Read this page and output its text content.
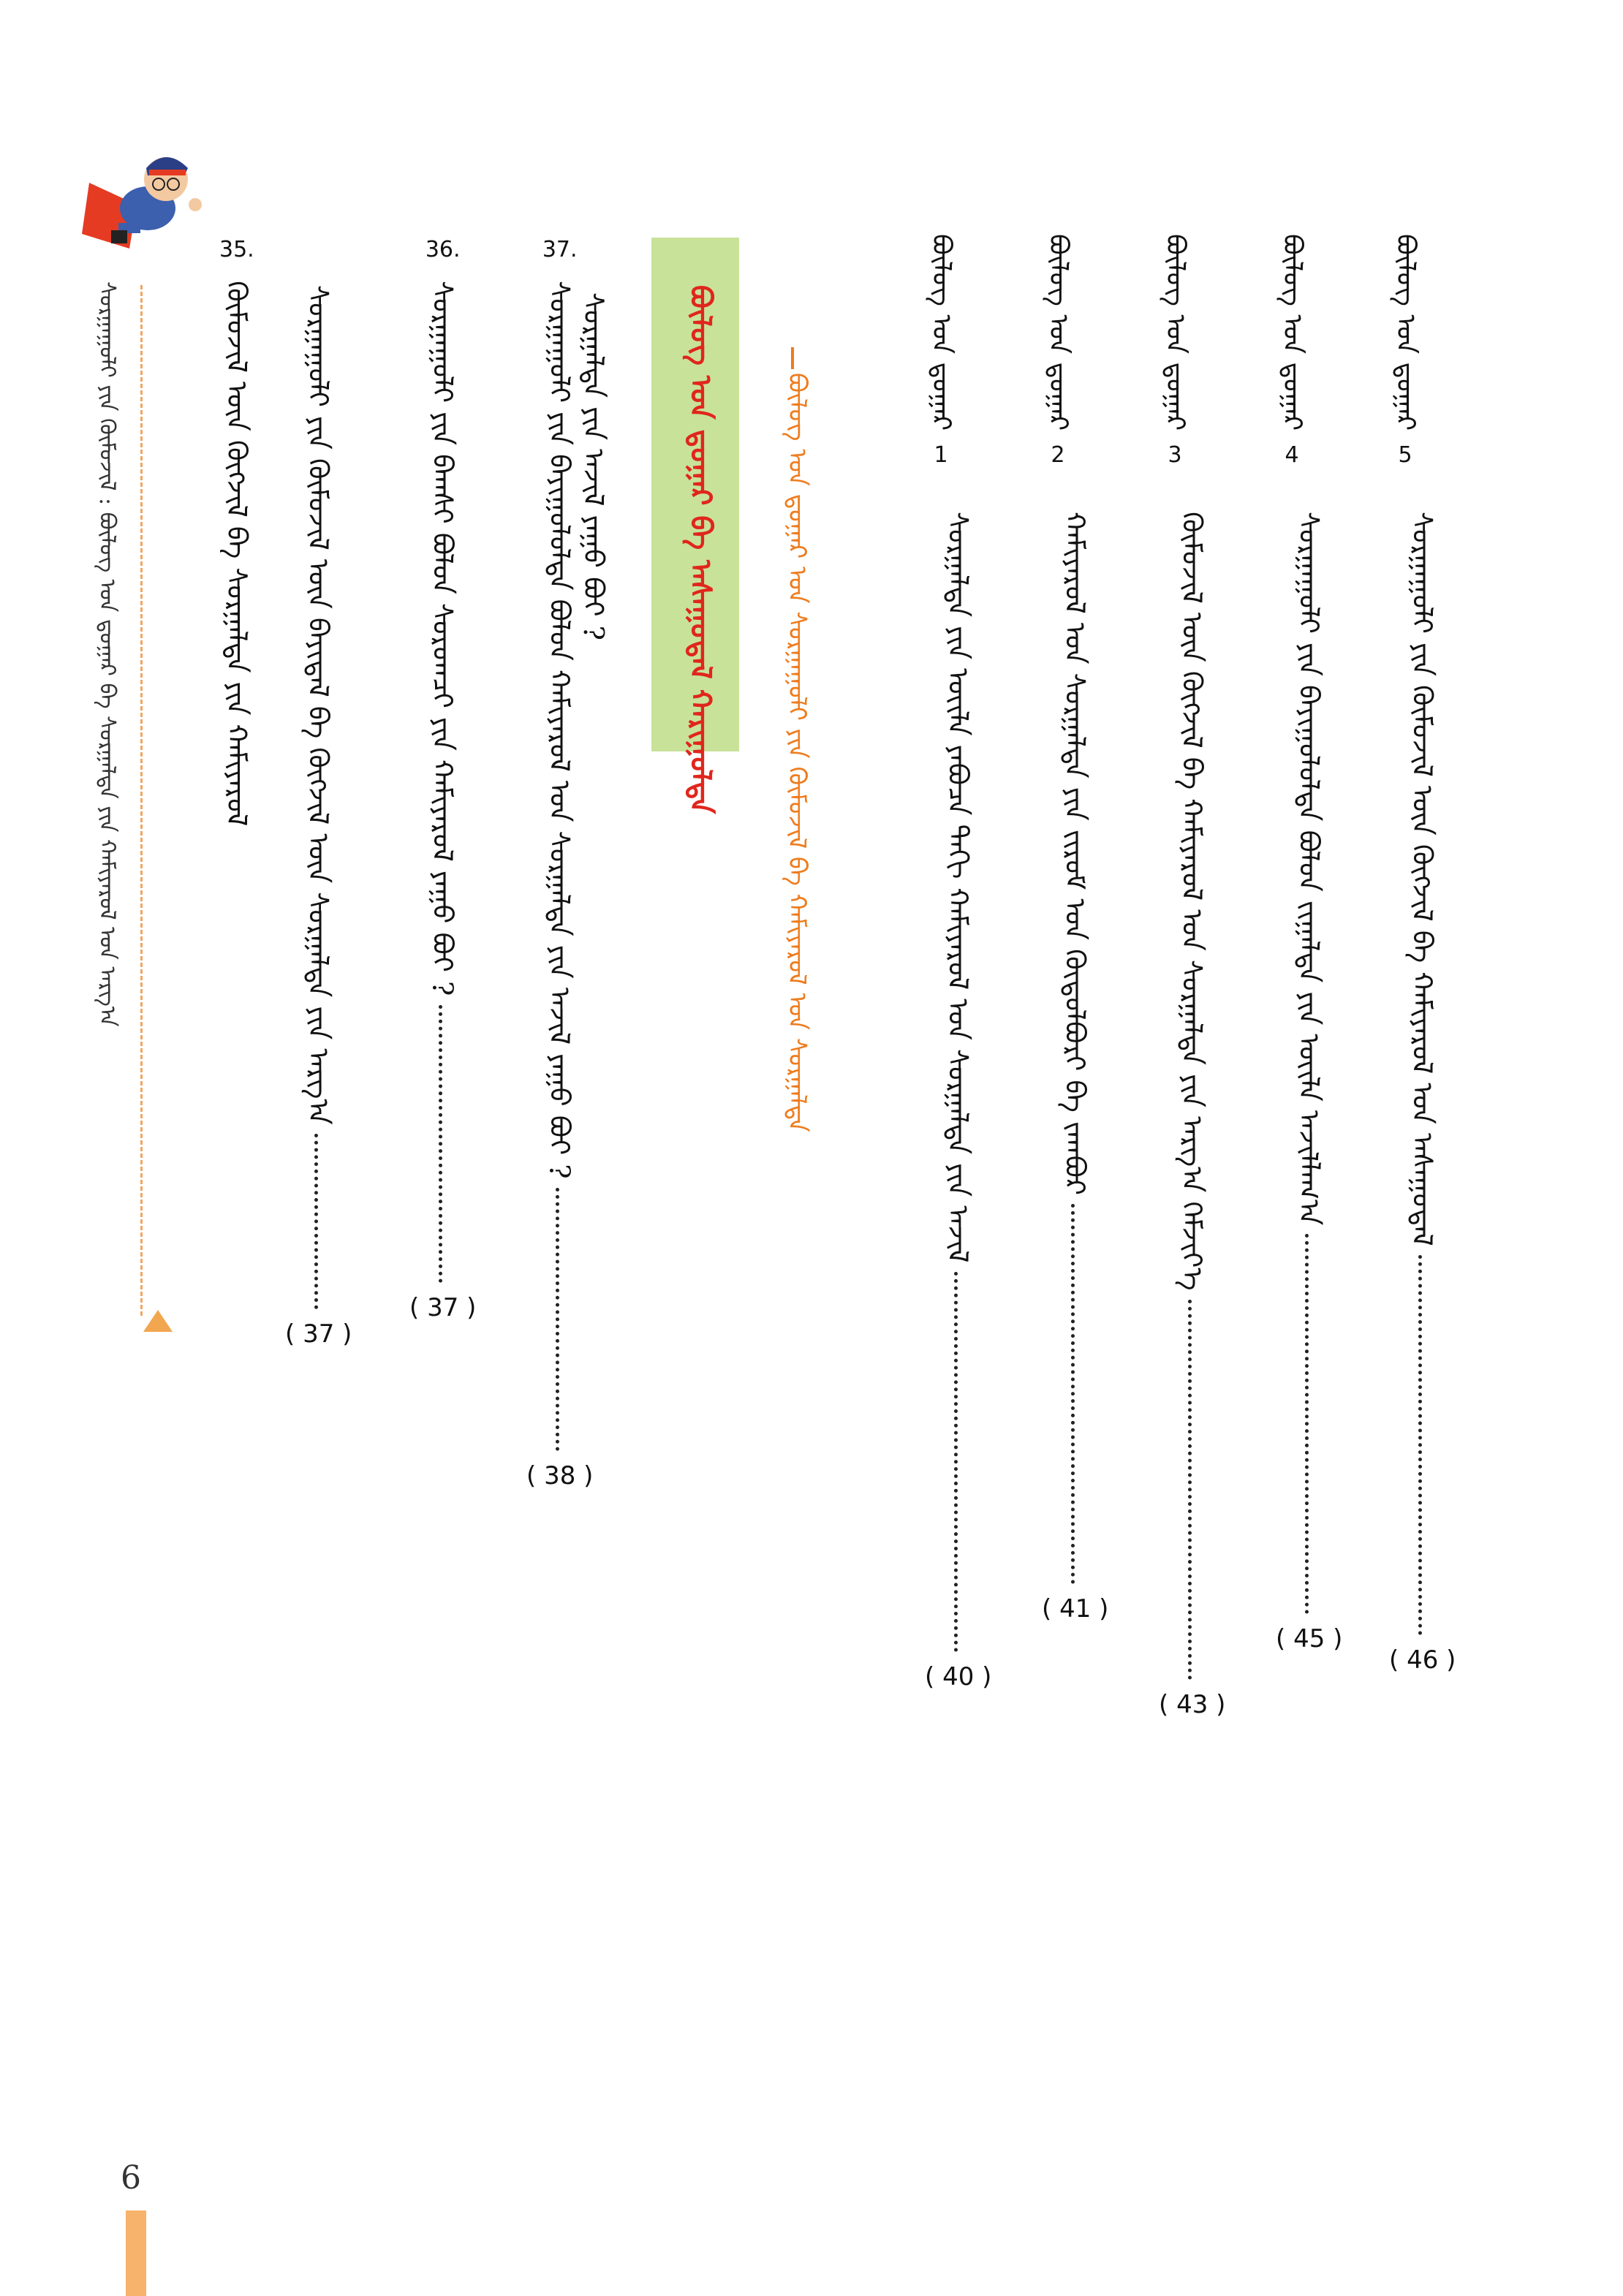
ᠪᠦᠯᠦᠭ ᠤᠨ ᠳ᠋ᠤᠭᠠᠷ 5
ᠰᠤᠷᠭᠠᠭᠤᠯᠢ ᠶᠢᠨ ᠬᠦᠮᠦᠵᠢᠯ ᠦᠨ ᠬᠥᠭᠵᠢᠯ ᠪᠠ ᠬᠠᠮᠢᠶᠠᠷᠤᠯ ᠤᠨ ᠠᠰᠠᠭᠤᠳᠠᠯ  ( 46 )
ᠪᠦᠯᠦᠭ ᠤᠨ ᠳ᠋ᠤᠭᠠᠷ 4
ᠰᠤᠷᠭᠠᠭᠤᠯᠢ ᠶᠢᠨ ᠪᠠᠶᠢᠭᠤᠯᠤᠯᠲᠠ ᠪᠤᠯᠤᠨ ᠵᠢᠭᠠᠯᠲᠠ ᠶᠢᠨ ᠦᠢᠯᠡ ᠠᠵᠢᠯᠯᠠᠭ᠎ᠠ  ( 45 )
ᠪᠦᠯᠦᠭ ᠤᠨ ᠳ᠋ᠤᠭᠠᠷ 3
ᠬᠦᠮᠦᠵᠢᠯ ᠦᠨ ᠬᠥᠭᠵᠢᠯ ᠪᠠ ᠬᠠᠮᠢᠶᠠᠷᠤᠯ ᠤᠨ ᠰᠤᠷᠭᠠᠯᠲᠠ ᠶᠢᠨ ᠠᠷᠭ᠎ᠠ ᠬᠡᠮᠵᠢᠶ᠎ᠡ  ( 43 )
ᠪᠦᠯᠦᠭ ᠤᠨ ᠳ᠋ᠤᠭᠠᠷ 2
ᠬᠠᠮᠢᠶᠠᠷᠤᠯ ᠤᠨ ᠰᠤᠷᠭᠠᠯᠲᠠ ᠶᠢᠨ ᠵᠢᠷᠤᠮ ᠤᠨ ᠬᠥᠲᠦᠯᠪᠦᠷᠢ ᠪᠠ ᠵᠠᠭᠪᠤᠷ  ( 41 )
ᠪᠦᠯᠦᠭ ᠤᠨ ᠳ᠋ᠤᠭᠠᠷ 1
ᠰᠤᠷᠭᠠᠯᠲᠠ ᠶᠢᠨ ᠦᠢᠯᠡ ᠶᠠᠪᠤᠴᠠ ᠳᠠᠬᠢ ᠬᠠᠮᠢᠶᠠᠷᠤᠯ ᠤᠨ ᠰᠤᠷᠭᠠᠯᠲᠠ ᠶᠢᠨ ᠠᠵᠢᠯ  ( 40 )
ᠪᠦᠯᠦᠭ ᠤᠨ ᠳ᠋ᠤᠭᠠᠷ ᠤᠨ ᠰᠤᠷᠭᠠᠭᠤᠯᠢ ᠶᠢᠨ ᠬᠦᠮᠦᠵᠢᠯ ᠪᠠ ᠬᠠᠮᠢᠶᠠᠷᠤᠯ ᠤᠨ ᠰᠤᠷᠭᠠᠯᠲᠠ
ᠪᠦᠯᠦᠭ ᠤᠨ ᠳ᠋ᠤᠭᠠᠷ ᠪᠠ ᠠᠰᠠᠭᠤᠳᠠᠯ ᠬᠠᠷᠢᠭᠤᠯᠲᠠ
37. ᠰᠤᠷᠭᠠᠭᠤᠯᠢ ᠶᠢᠨ ᠪᠠᠶᠢᠭᠤᠯᠤᠯᠲᠠ ᠪᠤᠯᠤᠨ ᠬᠠᠮᠢᠶᠠᠷᠤᠯ ᠤᠨ ᠰᠤᠷᠭᠠᠯᠲᠠ ᠶᠢᠨ ᠠᠵᠢᠯ ᠶᠠᠭᠤ ᠪᠤᠢ ?  ( 38 )
ᠰᠤᠷᠭᠠᠯᠲᠠ ᠶᠢᠨ ᠠᠵᠢᠯ ᠶᠠᠭᠤ ᠪᠤᠢ ?
36. ᠰᠤᠷᠭᠠᠭᠤᠯᠢ ᠶᠢᠨ ᠪᠠᠭᠰᠢ ᠪᠤᠯᠤᠨ ᠰᠤᠷᠤᠭᠴᠢ ᠶᠢᠨ ᠬᠠᠮᠢᠶᠠᠷᠤᠯ ᠶᠠᠭᠤ ᠪᠤᠢ ?  ( 37 )
35. ᠬᠦᠮᠦᠵᠢᠯ ᠦᠨ ᠬᠥᠭᠵᠢᠯ ᠪᠠ ᠰᠤᠷᠭᠠᠯᠲᠠ ᠶᠢᠨ ᠬᠠᠮᠢᠶᠠᠷᠤᠯ	ᠰᠤᠷᠭᠠᠭᠤᠯᠢ ᠶᠢᠨ ᠬᠦᠮᠦᠵᠢᠯ ᠦᠨ ᠪᠠᠶᠢᠳᠠᠯ ᠪᠠ ᠬᠥᠭᠵᠢᠯ ᠦᠨ ᠰᠤᠷᠭᠠᠯᠲᠠ ᠶᠢᠨ ᠠᠷᠭ᠎ᠠ  ( 37 )
ᠰᠤᠷᠭᠠᠭᠤᠯᠢ ᠶᠢᠨ ᠬᠦᠮᠦᠵᠢᠯ : ᠪᠦᠯᠦᠭ ᠤᠨ ᠳ᠋ᠤᠭᠠᠷ ᠪᠠ ᠰᠤᠷᠭᠠᠯᠲᠠ ᠶᠢᠨ ᠬᠠᠮᠢᠶᠠᠷᠤᠯ ᠤᠨ ᠠᠷᠭ᠎ᠠ
6
